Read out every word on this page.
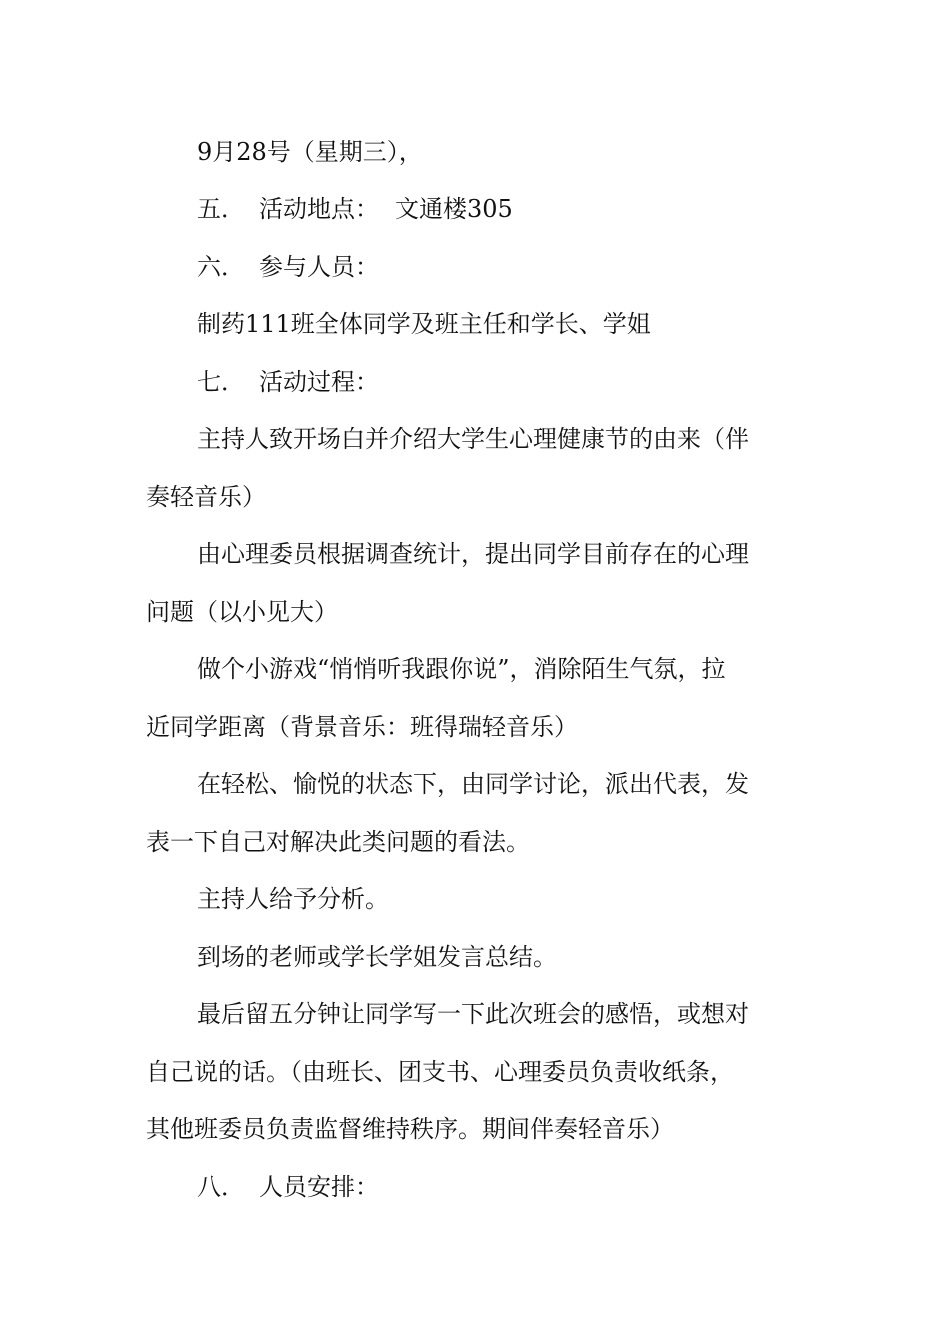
9月28号（星期三），
五． 活动地点： 文通楼305
六． 参与人员：
制药111班全体同学及班主任和学长、学姐
七． 活动过程：
主持人致开场白并介绍大学生心理健康节的由来（伴
奏轻音乐）
由心理委员根据调查统计，提出同学目前存在的心理
问题（以小见大）
做个小游戏“悄悄听我跟你说”，消除陌生气氛，拉
近同学距离（背景音乐：班得瑞轻音乐）
在轻松、愉悦的状态下，由同学讨论，派出代表，发
表一下自己对解决此类问题的看法。
主持人给予分析。
到场的老师或学长学姐发言总结。
最后留五分钟让同学写一下此次班会的感悟，或想对
自己说的话。（由班长、团支书、心理委员负责收纸条，
其他班委员负责监督维持秩序。期间伴奏轻音乐）
八． 人员安排：
